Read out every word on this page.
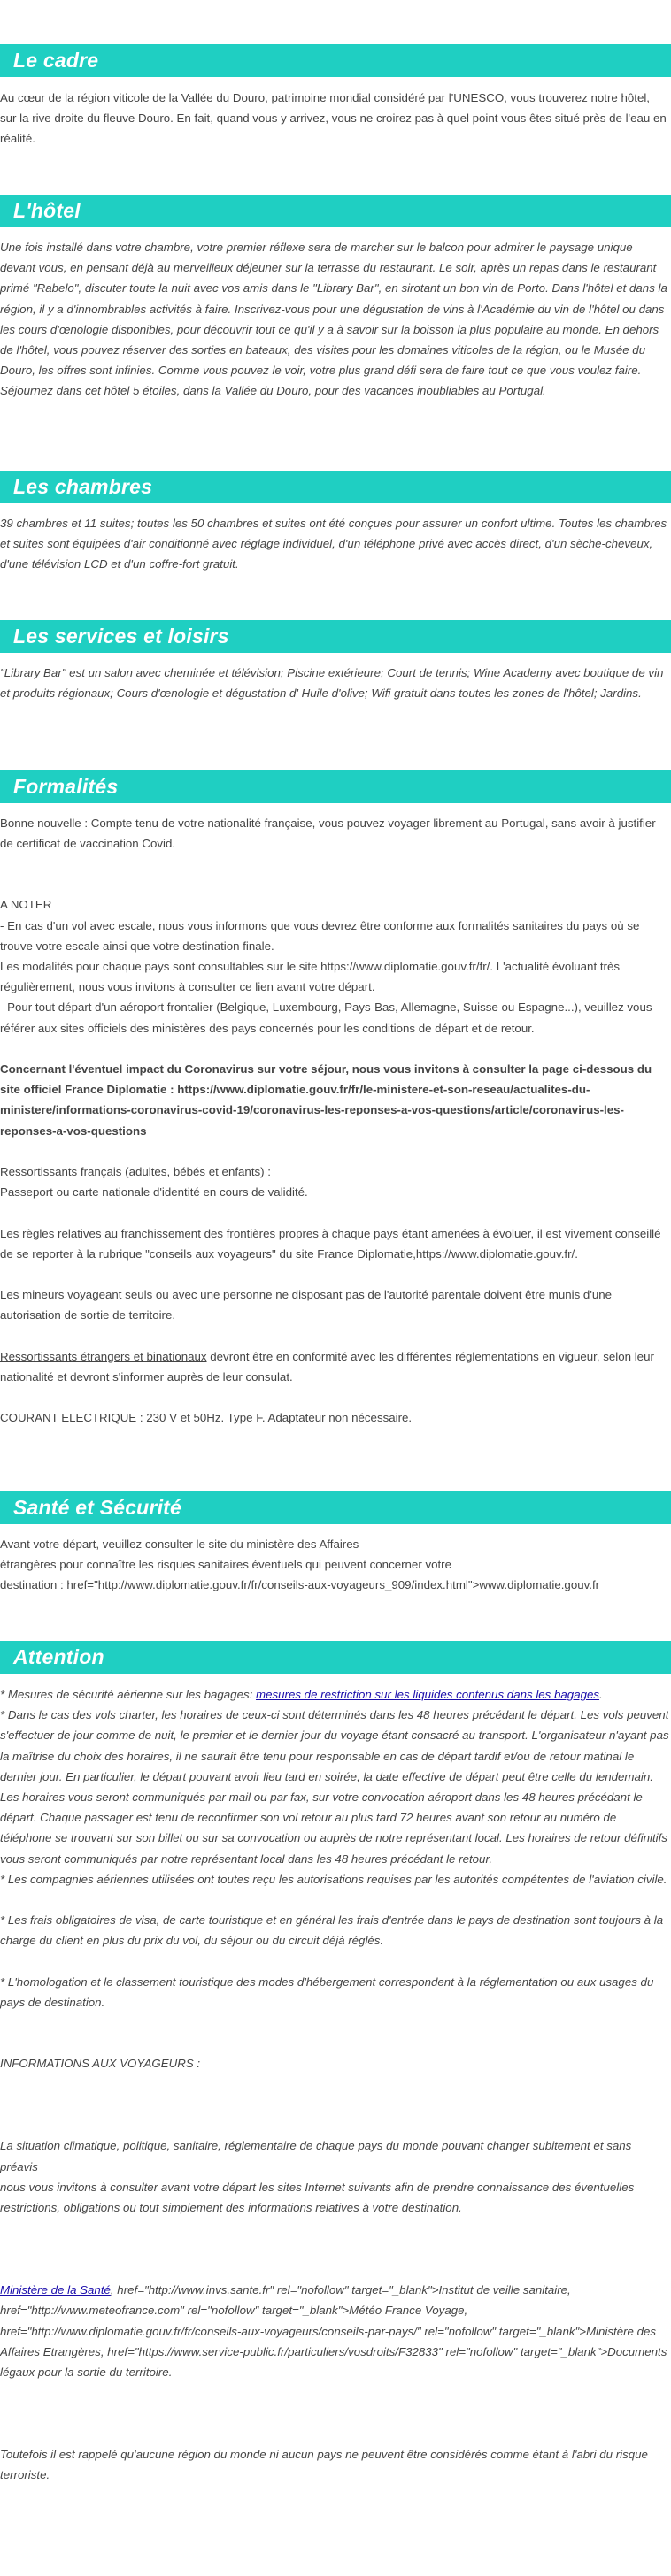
Le cadre

Au cœur de la région viticole de la Vallée du Douro, patrimoine mondial considéré par l'UNESCO, vous trouverez notre hôtel, sur la rive droite du fleuve Douro. En fait, quand vous y arrivez, vous ne croirez pas à quel point vous êtes situé près de l'eau en réalité.

L'hôtel

Une fois installé dans votre chambre, votre premier réflexe sera de marcher sur le balcon pour admirer le paysage unique devant vous, en pensant déjà au merveilleux déjeuner sur la terrasse du restaurant. Le soir, après un repas dans le restaurant primé "Rabelo", discuter toute la nuit avec vos amis dans le "Library Bar", en sirotant un bon vin de Porto. Dans l'hôtel et dans la région, il y a d'innombrables activités à faire. Inscrivez-vous pour une dégustation de vins à l'Académie du vin de l'hôtel ou dans les cours d'œnologie disponibles, pour découvrir tout ce qu'il y a à savoir sur la boisson la plus populaire au monde. En dehors de l'hôtel, vous pouvez réserver des sorties en bateaux, des visites pour les domaines viticoles de la région, ou le Musée du Douro, les offres sont infinies. Comme vous pouvez le voir, votre plus grand défi sera de faire tout ce que vous voulez faire. Séjournez dans cet hôtel 5 étoiles, dans la Vallée du Douro, pour des vacances inoubliables au Portugal.

Les chambres

39 chambres et 11 suites; toutes les 50 chambres et suites ont été conçues pour assurer un confort ultime. Toutes les chambres et suites sont équipées d'air conditionné avec réglage individuel, d'un téléphone privé avec accès direct, d'un sèche-cheveux, d'une télévision LCD et d'un coffre-fort gratuit.

Les services et loisirs

"Library Bar" est un salon avec cheminée et télévision; Piscine extérieure; Court de tennis; Wine Academy avec boutique de vin et produits régionaux; Cours d'œnologie et dégustation d' Huile d'olive; Wifi gratuit dans toutes les zones de l'hôtel; Jardins.

Formalités

Bonne nouvelle : Compte tenu de votre nationalité française, vous pouvez voyager librement au Portugal, sans avoir à justifier de certificat de vaccination Covid.

A NOTER

- En cas d'un vol avec escale, nous vous informons que vous devrez être conforme aux formalités sanitaires du pays où se trouve votre escale ainsi que votre destination finale.

Les modalités pour chaque pays sont consultables sur le site https://www.diplomatie.gouv.fr/fr/. L'actualité évoluant très régulièrement, nous vous invitons à consulter ce lien avant votre départ.

- Pour tout départ d'un aéroport frontalier (Belgique, Luxembourg, Pays-Bas, Allemagne, Suisse ou Espagne...), veuillez vous référer aux sites officiels des ministères des pays concernés pour les conditions de départ et de retour.

Concernant l'éventuel impact du Coronavirus sur votre séjour, nous vous invitons à consulter la page ci-dessous du site officiel France Diplomatie : https://www.diplomatie.gouv.fr/fr/le-ministere-et-son-reseau/actualites-du-ministere/informations-coronavirus-covid-19/coronavirus-les-reponses-a-vos-questions/article/coronavirus-les-reponses-a-vos-questions

Ressortissants français (adultes, bébés et enfants) :

Passeport ou carte nationale d'identité en cours de validité.

Les règles relatives au franchissement des frontières propres à chaque pays étant amenées à évoluer, il est vivement conseillé de se reporter à la rubrique "conseils aux voyageurs" du site France Diplomatie,https://www.diplomatie.gouv.fr/.

Les mineurs voyageant seuls ou avec une personne ne disposant pas de l'autorité parentale doivent être munis d'une autorisation de sortie de territoire.

Ressortissants étrangers et binationaux devront être en conformité avec les différentes réglementations en vigueur, selon leur nationalité et devront s'informer auprès de leur consulat.

COURANT ELECTRIQUE : 230 V et 50Hz. Type F. Adaptateur non nécessaire.

Santé et Sécurité

Avant votre départ, veuillez consulter le site du ministère des Affaires

étrangères pour connaître les risques sanitaires éventuels qui peuvent concerner votre

destination : href="http://www.diplomatie.gouv.fr/fr/conseils-aux-voyageurs_909/index.html">www.diplomatie.gouv.fr

Attention

* Mesures de sécurité aérienne sur les bagages: mesures de restriction sur les liquides contenus dans les bagages.

* Dans le cas des vols charter, les horaires de ceux-ci sont déterminés dans les 48 heures précédant le départ. Les vols peuvent s'effectuer de jour comme de nuit, le premier et le dernier jour du voyage étant consacré au transport. L'organisateur n'ayant pas la maîtrise du choix des horaires, il ne saurait être tenu pour responsable en cas de départ tardif et/ou de retour matinal le dernier jour. En particulier, le départ pouvant avoir lieu tard en soirée, la date effective de départ peut être celle du lendemain. Les horaires vous seront communiqués par mail ou par fax, sur votre convocation aéroport dans les 48 heures précédant le départ. Chaque passager est tenu de reconfirmer son vol retour au plus tard 72 heures avant son retour au numéro de téléphone se trouvant sur son billet ou sur sa convocation ou auprès de notre représentant local. Les horaires de retour définitifs vous seront communiqués par notre représentant local dans les 48 heures précédant le retour.

* Les compagnies aériennes utilisées ont toutes reçu les autorisations requises par les autorités compétentes de l'aviation civile.

* Les frais obligatoires de visa, de carte touristique et en général les frais d'entrée dans le pays de destination sont toujours à la charge du client en plus du prix du vol, du séjour ou du circuit déjà réglés.

* L'homologation et le classement touristique des modes d'hébergement correspondent à la réglementation ou aux usages du pays de destination.

INFORMATIONS AUX VOYAGEURS :

La situation climatique, politique, sanitaire, réglementaire de chaque pays du monde pouvant changer subitement et sans préavis

nous vous invitons à consulter avant votre départ les sites Internet suivants afin de prendre connaissance des éventuelles restrictions, obligations ou tout simplement des informations relatives à votre destination.

Ministère de la Santé, href="http://www.invs.sante.fr" rel="nofollow" target="_blank">Institut de veille sanitaire, href="http://www.meteofrance.com" rel="nofollow" target="_blank">Météo France Voyage, href="http://www.diplomatie.gouv.fr/fr/conseils-aux-voyageurs/conseils-par-pays/" rel="nofollow" target="_blank">Ministère des Affaires Etrangères, href="https://www.service-public.fr/particuliers/vosdroits/F32833" rel="nofollow" target="_blank">Documents légaux pour la sortie du territoire.

Toutefois il est rappelé qu'aucune région du monde ni aucun pays ne peuvent être considérés comme étant à l'abri du risque terroriste.
